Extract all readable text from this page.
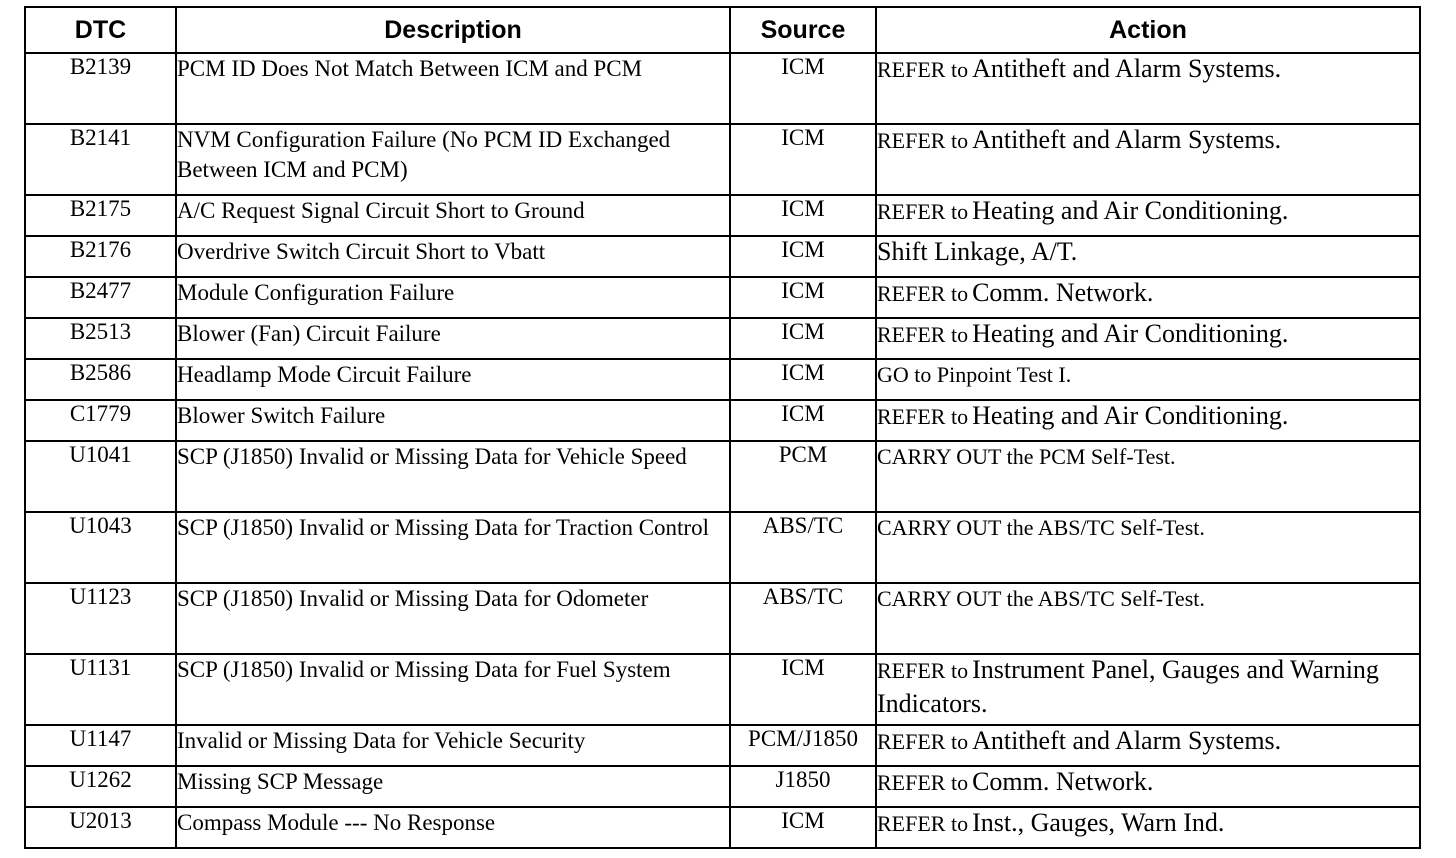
DTC	Description	Source	Action
B2139	PCM ID Does Not Match Between ICM and PCM	ICM	REFER to Antitheft and Alarm Systems.
B2141	NVM Configuration Failure (No PCM ID Exchanged Between ICM and PCM)	ICM	REFER to Antitheft and Alarm Systems.
B2175	A/C Request Signal Circuit Short to Ground	ICM	REFER to Heating and Air Conditioning.
B2176	Overdrive Switch Circuit Short to Vbatt	ICM	Shift Linkage, A/T.
B2477	Module Configuration Failure	ICM	REFER to Comm. Network.
B2513	Blower (Fan) Circuit Failure	ICM	REFER to Heating and Air Conditioning.
B2586	Headlamp Mode Circuit Failure	ICM	GO to Pinpoint Test I.
C1779	Blower Switch Failure	ICM	REFER to Heating and Air Conditioning.
U1041	SCP (J1850) Invalid or Missing Data for Vehicle Speed	PCM	CARRY OUT the PCM Self-Test.
U1043	SCP (J1850) Invalid or Missing Data for Traction Control	ABS/TC	CARRY OUT the ABS/TC Self-Test.
U1123	SCP (J1850) Invalid or Missing Data for Odometer	ABS/TC	CARRY OUT the ABS/TC Self-Test.
U1131	SCP (J1850) Invalid or Missing Data for Fuel System	ICM	REFER to Instrument Panel, Gauges and Warning Indicators.
U1147	Invalid or Missing Data for Vehicle Security	PCM/J1850	REFER to Antitheft and Alarm Systems.
U1262	Missing SCP Message	J1850	REFER to Comm. Network.
U2013	Compass Module --- No Response	ICM	REFER to Inst., Gauges, Warn Ind.
